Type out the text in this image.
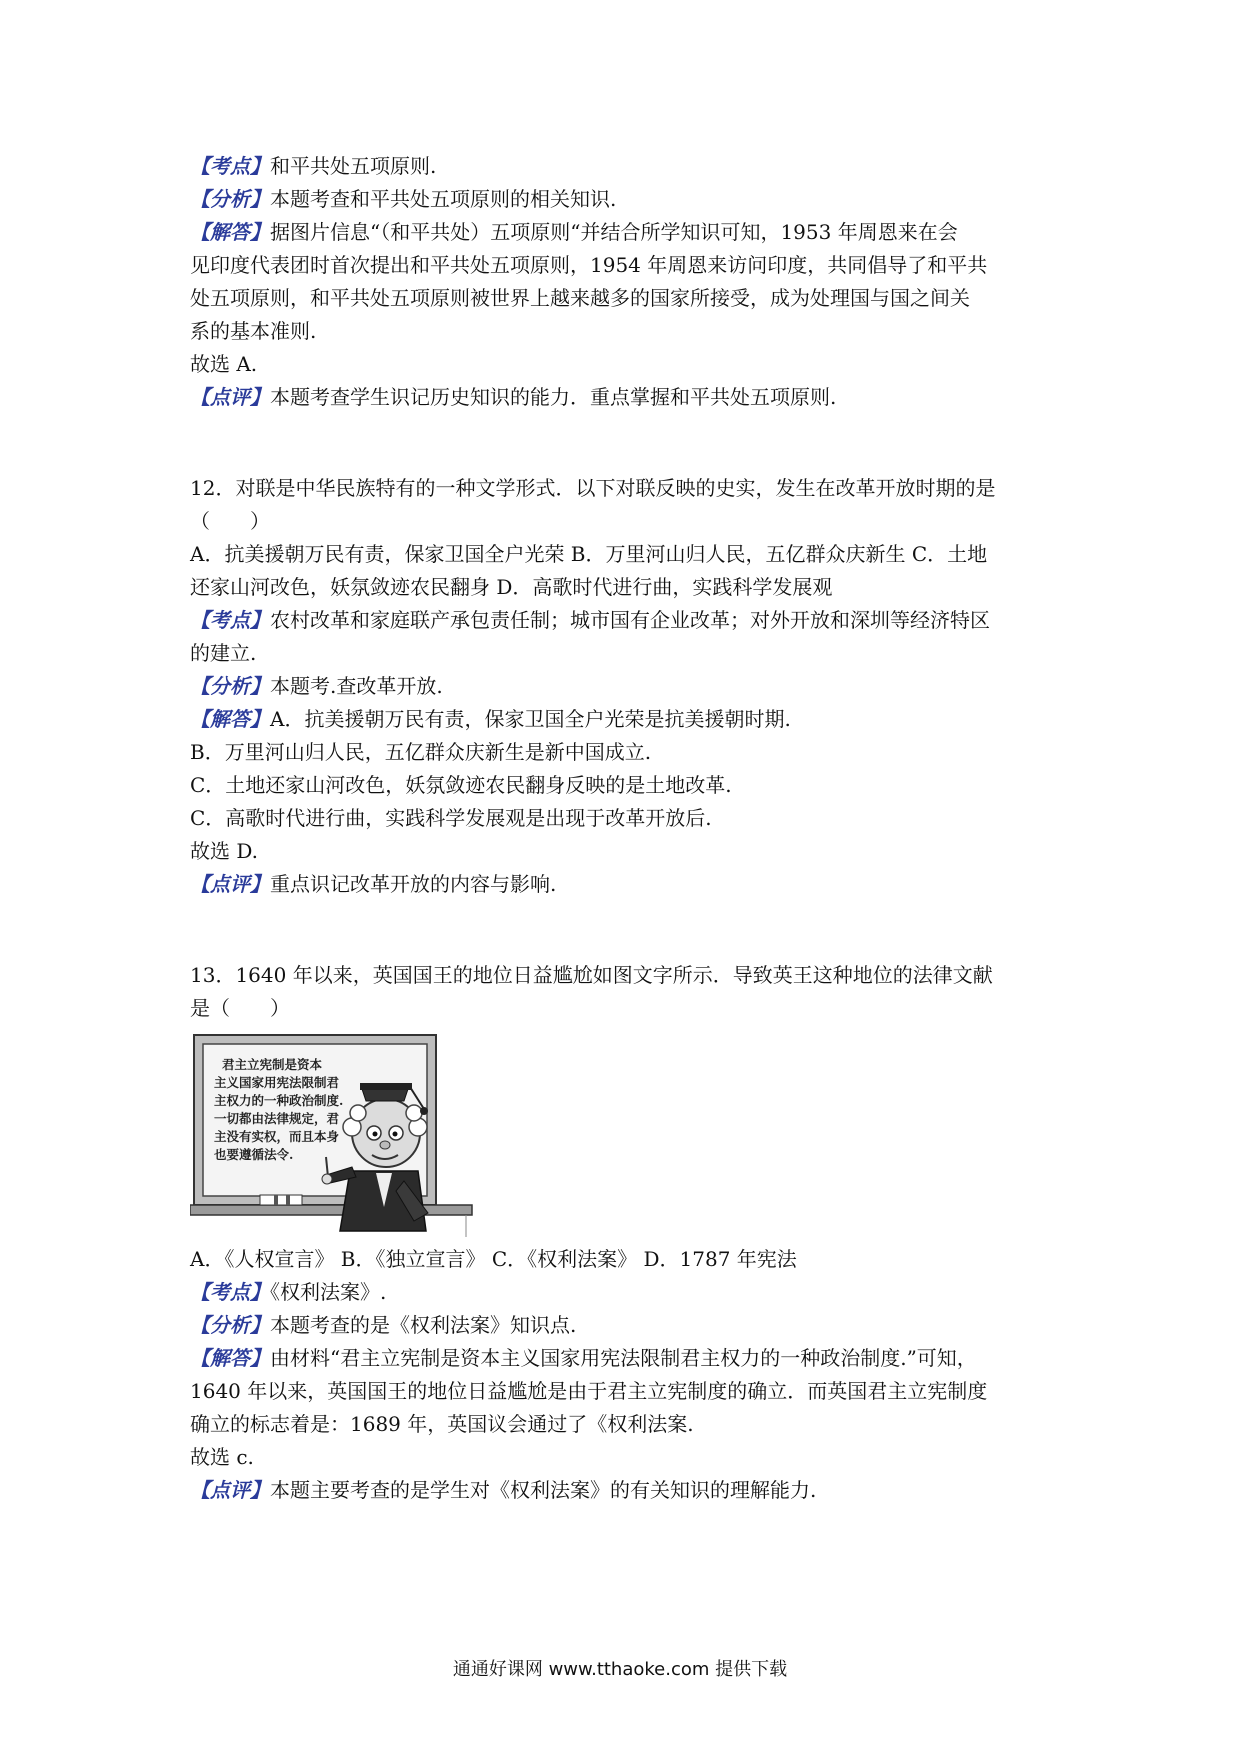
【考点】和平共处五项原则.
【分析】本题考查和平共处五项原则的相关知识.
【解答】据图片信息“（和平共处）五项原则“并结合所学知识可知，1953 年周恩来在会
见印度代表团时首次提出和平共处五项原则，1954 年周恩来访问印度，共同倡导了和平共
处五项原则，和平共处五项原则被世界上越来越多的国家所接受，成为处理国与国之间关
系的基本准则.
故选 A.
【点评】本题考查学生识记历史知识的能力．重点掌握和平共处五项原则.
12．对联是中华民族特有的一种文学形式．以下对联反映的史实，发生在改革开放时期的是
（　　）
A．抗美援朝万民有责，保家卫国全户光荣 B．万里河山归人民，五亿群众庆新生 C．土地
还家山河改色，妖氛敛迹农民翻身 D．高歌时代进行曲，实践科学发展观
【考点】农村改革和家庭联产承包责任制；城市国有企业改革；对外开放和深圳等经济特区
的建立.
【分析】本题考.查改革开放.
【解答】A．抗美援朝万民有责，保家卫国全户光荣是抗美援朝时期.
B．万里河山归人民，五亿群众庆新生是新中国成立.
C．土地还家山河改色，妖氛敛迹农民翻身反映的是土地改革.
C．高歌时代进行曲，实践科学发展观是出现于改革开放后.
故选 D.
【点评】重点识记改革开放的内容与影响.
13．1640 年以来，英国国王的地位日益尴尬如图文字所示．导致英王这种地位的法律文献
是（　　）
君主立宪制是资本
主义国家用宪法限制君
主权力的一种政治制度.
一切都由法律规定，君
主没有实权，而且本身
也要遵循法令.
A．《人权宣言》 B．《独立宣言》 C．《权利法案》 D．1787 年宪法
【考点】《权利法案》.
【分析】本题考查的是《权利法案》知识点.
【解答】由材料“君主立宪制是资本主义国家用宪法限制君主权力的一种政治制度.”可知，
1640 年以来，英国国王的地位日益尴尬是由于君主立宪制度的确立．而英国君主立宪制度
确立的标志着是：1689 年，英国议会通过了《权利法案.
故选 c.
【点评】本题主要考查的是学生对《权利法案》的有关知识的理解能力.
通通好课网 www.tthaoke.com 提供下载
